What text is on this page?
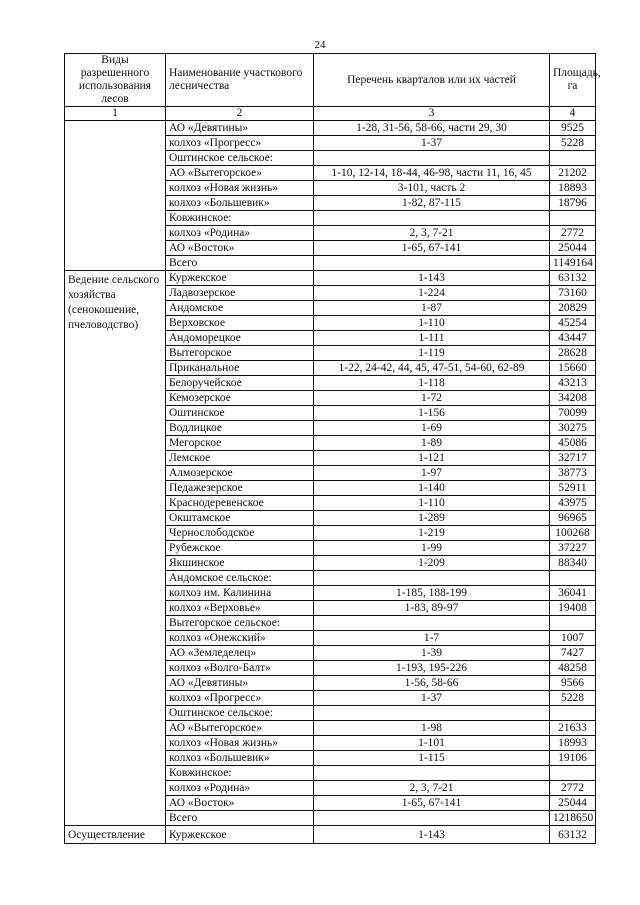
24
Виды разрешенного использования лесов	Наименование участкового лесничества	Перечень кварталов или их частей	Площадь, га
1	2	3	4
	АО «Девятины»	1-28, 31-56, 58-66, части 29, 30	9525
	колхоз «Прогресс»	1-37	5228
	Оштинское сельское:		
	АО «Вытегорское»	1-10, 12-14, 18-44, 46-98, части 11, 16, 45	21202
	колхоз «Новая жизнь»	3-101, часть 2	18893
	колхоз «Большевик»	1-82, 87-115	18796
	Ковжинское:		
	колхоз «Родина»	2, 3, 7-21	2772
	АО «Восток»	1-65, 67-141	25044
	Всего		1149164
Ведение сельского хозяйства (сенокошение, пчеловодство)	Куржекское	1-143	63132
	Ладвозерское	1-224	73160
	Андомское	1-87	20829
	Верховское	1-110	45254
	Андоморецкое	1-111	43447
	Вытегорское	1-119	28628
	Приканальное	1-22, 24-42, 44, 45, 47-51, 54-60, 62-89	15660
	Белоручейское	1-118	43213
	Кемозерское	1-72	34208
	Оштинское	1-156	70099
	Водлицкое	1-69	30275
	Мегорское	1-89	45086
	Лемское	1-121	32717
	Алмозерское	1-97	38773
	Педажезерское	1-140	52911
	Краснодеревенское	1-110	43975
	Окштамское	1-289	96965
	Чернослободское	1-219	100268
	Рубежское	1-99	37227
	Якшинское	1-209	88340
	Андомское сельское:		
	колхоз им. Калинина	1-185, 188-199	36041
	колхоз «Верховье»	1-83, 89-97	19408
	Вытегорское сельское:		
	колхоз «Онежский»	1-7	1007
	АО «Земледелец»	1-39	7427
	колхоз «Волго-Балт»	1-193, 195-226	48258
	АО «Девятины»	1-56, 58-66	9566
	колхоз «Прогресс»	1-37	5228
	Оштинское сельское:		
	АО «Вытегорское»	1-98	21633
	колхоз «Новая жизнь»	1-101	18993
	колхоз «Большевик»	1-115	19106
	Ковжинское:		
	колхоз «Родина»	2, 3, 7-21	2772
	АО «Восток»	1-65, 67-141	25044
	Всего		1218650
Осуществление	Куржекское	1-143	63132
